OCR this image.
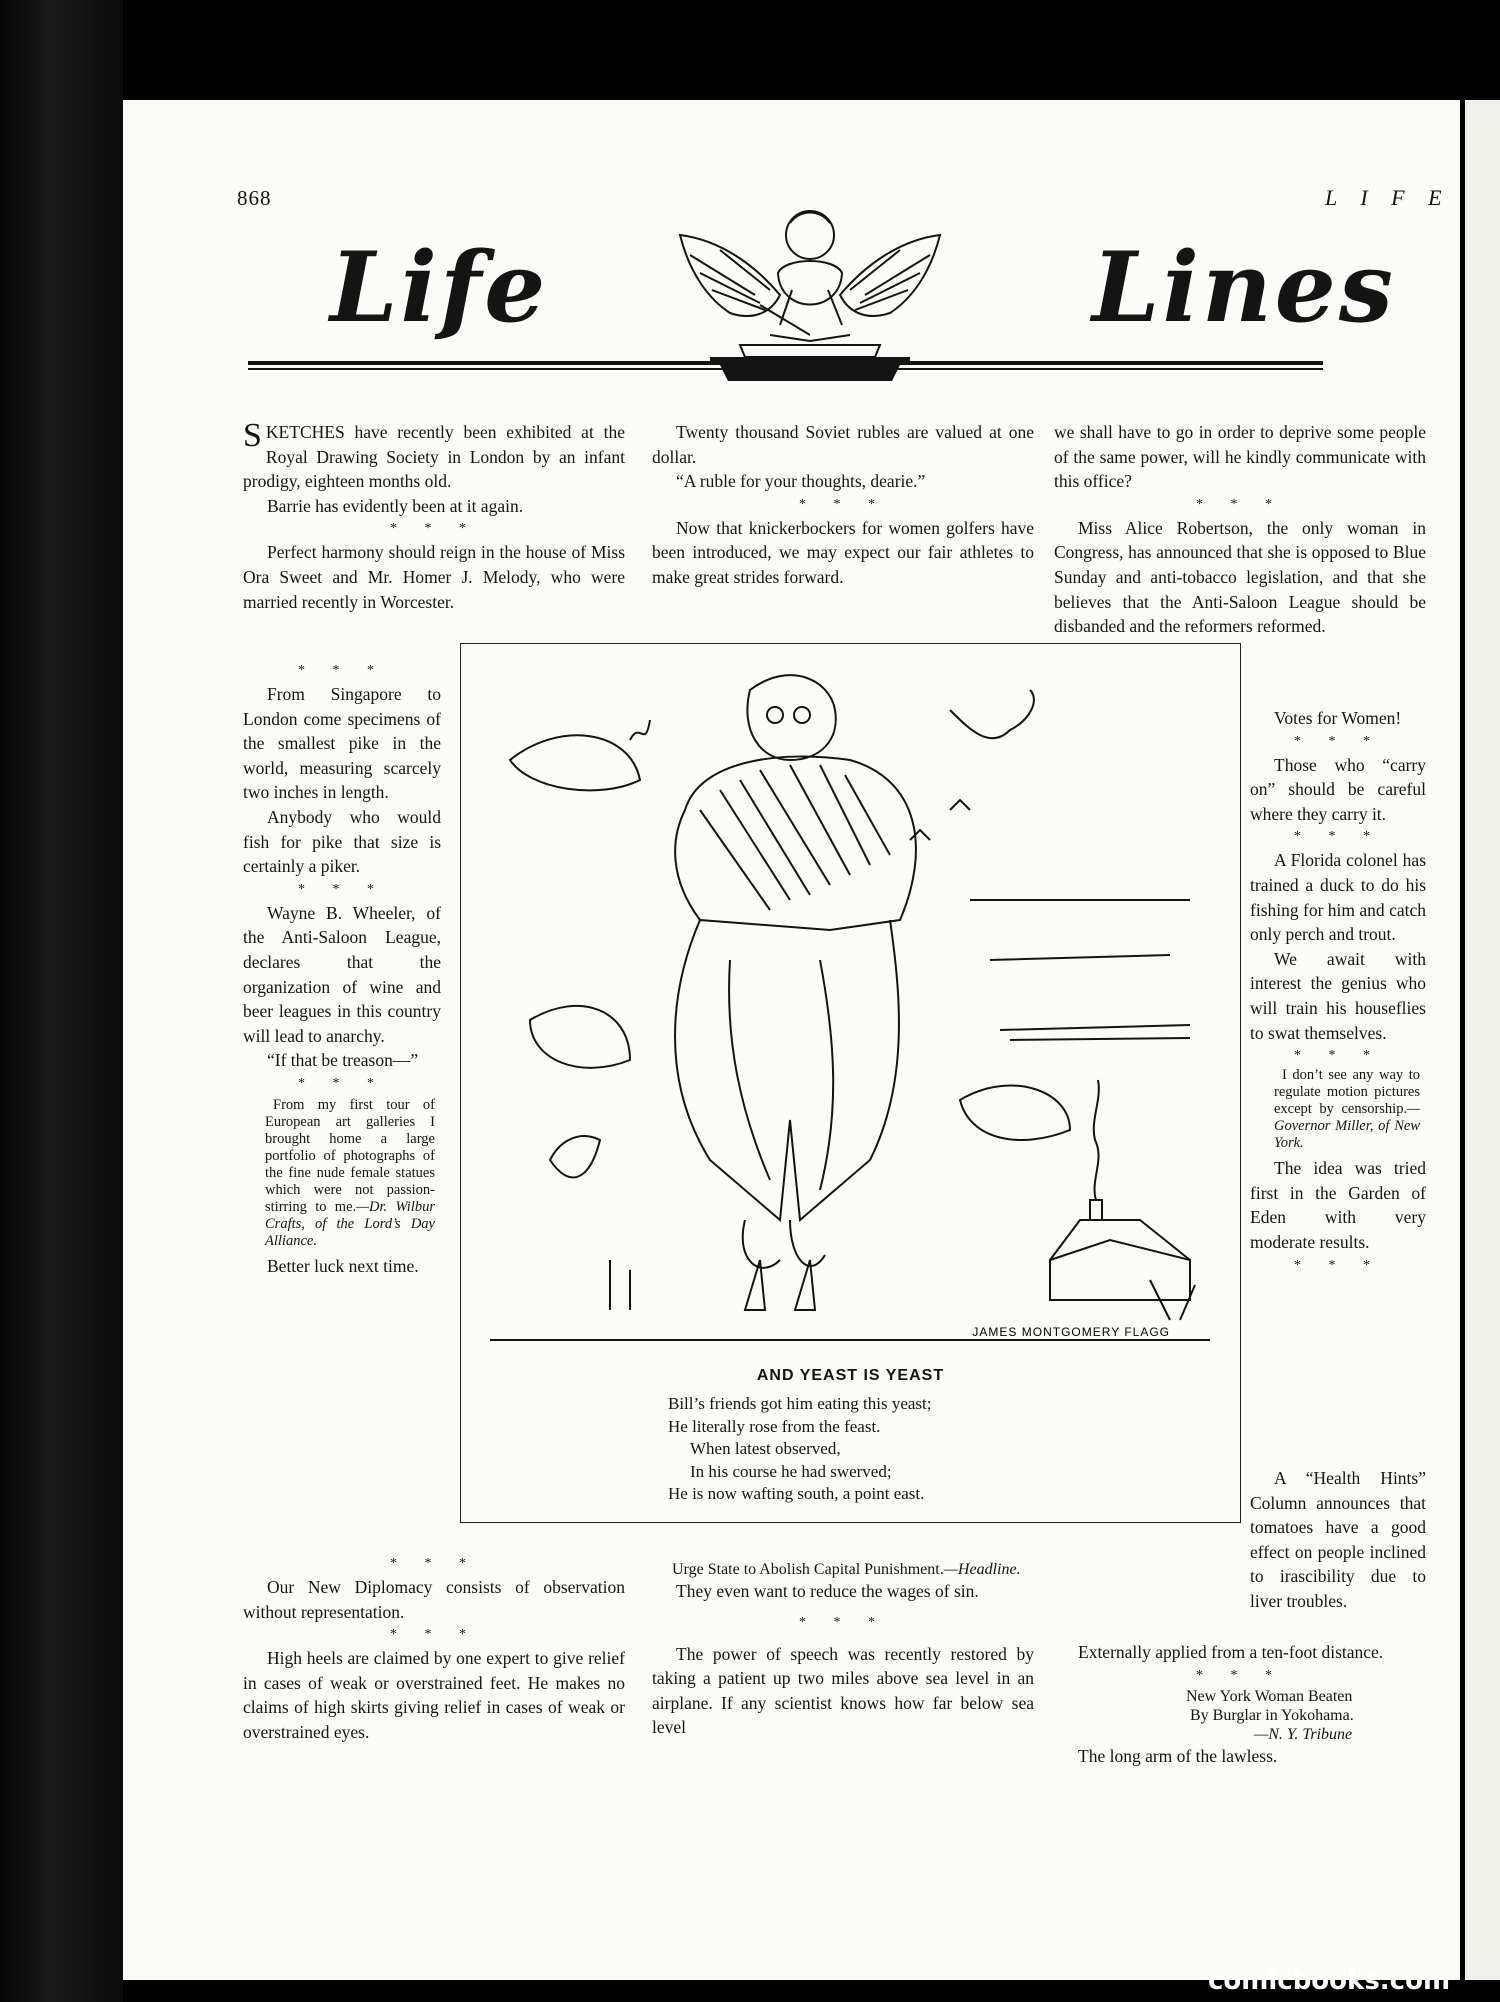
868	L I F E
Life	Lines

SKETCHES have recently been exhibited at the Royal Drawing Society in London by an infant prodigy, eighteen months old.

Barrie has evidently been at it again.

* * *

Perfect harmony should reign in the house of Miss Ora Sweet and Mr. Homer J. Melody, who were married recently in Worcester.

* * *

From Singapore to London come specimens of the smallest pike in the world, measuring scarcely two inches in length.

Anybody who would fish for pike that size is certainly a piker.

* * *

Wayne B. Wheeler, of the Anti-Saloon League, declares that the organization of wine and beer leagues in this country will lead to anarchy.

“If that be treason—”

* * *

From my first tour of European art galleries I brought home a large portfolio of photographs of the fine nude female statues which were not passion-stirring to me.—Dr. Wilbur Crafts, of the Lord’s Day Alliance.

Better luck next time.

* * *

Our New Diplomacy consists of observation without representation.

* * *

High heels are claimed by one expert to give relief in cases of weak or overstrained feet. He makes no claims of high skirts giving relief in cases of weak or overstrained eyes.

Twenty thousand Soviet rubles are valued at one dollar.

“A ruble for your thoughts, dearie.”

* * *

Now that knickerbockers for women golfers have been introduced, we may expect our fair athletes to make great strides forward.

Urge State to Abolish Capital Punishment.—Headline.

They even want to reduce the wages of sin.

* * *

The power of speech was recently restored by taking a patient up two miles above sea level in an airplane. If any scientist knows how far below sea level

we shall have to go in order to deprive some people of the same power, will he kindly communicate with this office?

* * *

Miss Alice Robertson, the only woman in Congress, has announced that she is opposed to Blue Sunday and anti-tobacco legislation, and that she believes that the Anti-Saloon League should be disbanded and the reformers reformed.

Votes for Women!

* * *

Those who “carry on” should be careful where they carry it.

* * *

A Florida colonel has trained a duck to do his fishing for him and catch only perch and trout.

We await with interest the genius who will train his houseflies to swat themselves.

* * *

I don’t see any way to regulate motion pictures except by censorship.— Governor Miller, of New York.

The idea was tried first in the Garden of Eden with very moderate results.

* * *

A “Health Hints” Column announces that tomatoes have a good effect on people inclined to irascibility due to liver troubles.

Externally applied from a ten-foot distance.

* * *
New York Woman Beaten
By Burglar in Yokohama.
—N. Y. Tribune

The long arm of the lawless.

JAMES MONTGOMERY FLAGG
AND YEAST IS YEAST
Bill’s friends got him eating this yeast;
He literally rose from the feast.
When latest observed,
In his course he had swerved;
He is now wafting south, a point east.
comicbooks.com
